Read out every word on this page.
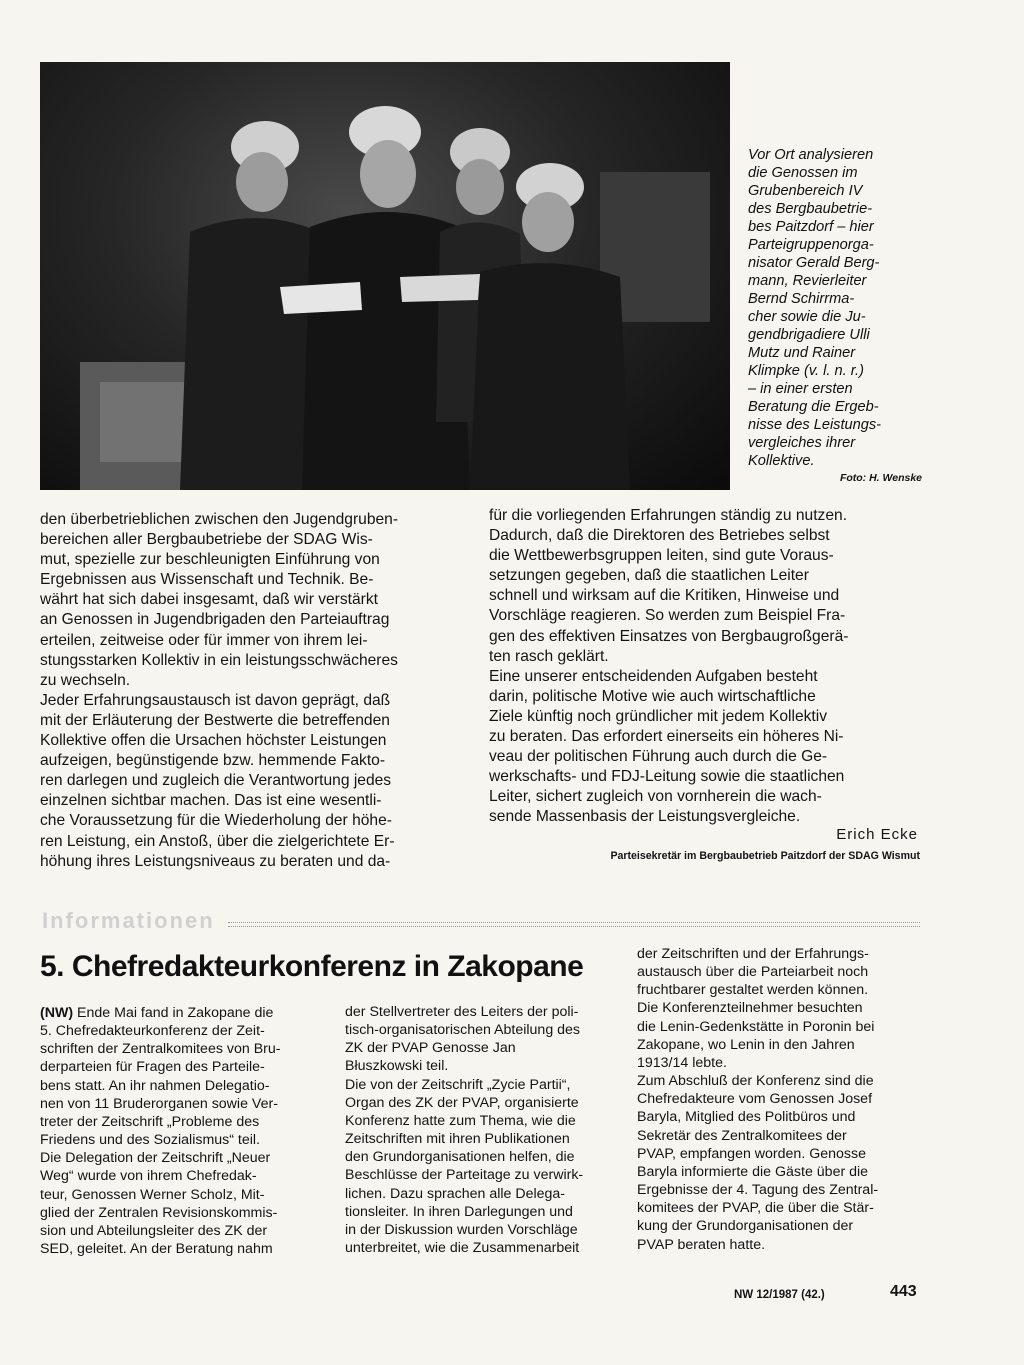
Vor Ort analysieren

die Genossen im

Grubenbereich IV

des Bergbaubetrie-

bes Paitzdorf – hier

Parteigruppenorga-

nisator Gerald Berg-

mann, Revierleiter

Bernd Schirrma-

cher sowie die Ju-

gendbrigadiere Ulli

Mutz und Rainer

Klimpke (v. l. n. r.)

– in einer ersten

Beratung die Ergeb-

nisse des Leistungs-

vergleiches ihrer

Kollektive.

Foto: H. Wenske

den überbetrieblichen zwischen den Jugendgruben-

bereichen aller Bergbaubetriebe der SDAG Wis-

mut, spezielle zur beschleunigten Einführung von

Ergebnissen aus Wissenschaft und Technik. Be-

währt hat sich dabei insgesamt, daß wir verstärkt

an Genossen in Jugendbrigaden den Parteiauftrag

erteilen, zeitweise oder für immer von ihrem lei-

stungsstarken Kollektiv in ein leistungsschwächeres

zu wechseln.

Jeder Erfahrungsaustausch ist davon geprägt, daß

mit der Erläuterung der Bestwerte die betreffenden

Kollektive offen die Ursachen höchster Leistungen

aufzeigen, begünstigende bzw. hemmende Fakto-

ren darlegen und zugleich die Verantwortung jedes

einzelnen sichtbar machen. Das ist eine wesentli-

che Voraussetzung für die Wiederholung der höhe-

ren Leistung, ein Anstoß, über die zielgerichtete Er-

höhung ihres Leistungsniveaus zu beraten und da-

für die vorliegenden Erfahrungen ständig zu nutzen.

Dadurch, daß die Direktoren des Betriebes selbst

die Wettbewerbsgruppen leiten, sind gute Voraus-

setzungen gegeben, daß die staatlichen Leiter

schnell und wirksam auf die Kritiken, Hinweise und

Vorschläge reagieren. So werden zum Beispiel Fra-

gen des effektiven Einsatzes von Bergbaugroßgerä-

ten rasch geklärt.

Eine unserer entscheidenden Aufgaben besteht

darin, politische Motive wie auch wirtschaftliche

Ziele künftig noch gründlicher mit jedem Kollektiv

zu beraten. Das erfordert einerseits ein höheres Ni-

veau der politischen Führung auch durch die Ge-

werkschafts- und FDJ-Leitung sowie die staatlichen

Leiter, sichert zugleich von vornherein die wach-

sende Massenbasis der Leistungsvergleiche.

Erich Ecke
Parteisekretär im Bergbaubetrieb Paitzdorf der SDAG Wismut
Informationen
5. Chefredakteurkonferenz in Zakopane

(NW) Ende Mai fand in Zakopane die

5. Chefredakteurkonferenz der Zeit-

schriften der Zentralkomitees von Bru-

derparteien für Fragen des Parteile-

bens statt. An ihr nahmen Delegatio-

nen von 11 Bruderorganen sowie Ver-

treter der Zeitschrift „Probleme des

Friedens und des Sozialismus“ teil.

Die Delegation der Zeitschrift „Neuer

Weg“ wurde von ihrem Chefredak-

teur, Genossen Werner Scholz, Mit-

glied der Zentralen Revisionskommis-

sion und Abteilungsleiter des ZK der

SED, geleitet. An der Beratung nahm

der Stellvertreter des Leiters der poli-

tisch-organisatorischen Abteilung des

ZK der PVAP Genosse Jan

Błuszkowski teil.

Die von der Zeitschrift „Zycie Partii“,

Organ des ZK der PVAP, organisierte

Konferenz hatte zum Thema, wie die

Zeitschriften mit ihren Publikationen

den Grundorganisationen helfen, die

Beschlüsse der Parteitage zu verwirk-

lichen. Dazu sprachen alle Delega-

tionsleiter. In ihren Darlegungen und

in der Diskussion wurden Vorschläge

unterbreitet, wie die Zusammenarbeit

der Zeitschriften und der Erfahrungs-

austausch über die Parteiarbeit noch

fruchtbarer gestaltet werden können.

Die Konferenzteilnehmer besuchten

die Lenin-Gedenkstätte in Poronin bei

Zakopane, wo Lenin in den Jahren

1913/14 lebte.

Zum Abschluß der Konferenz sind die

Chefredakteure vom Genossen Josef

Baryla, Mitglied des Politbüros und

Sekretär des Zentralkomitees der

PVAP, empfangen worden. Genosse

Baryla informierte die Gäste über die

Ergebnisse der 4. Tagung des Zentral-

komitees der PVAP, die über die Stär-

kung der Grundorganisationen der

PVAP beraten hatte.

NW 12/1987 (42.)	443
